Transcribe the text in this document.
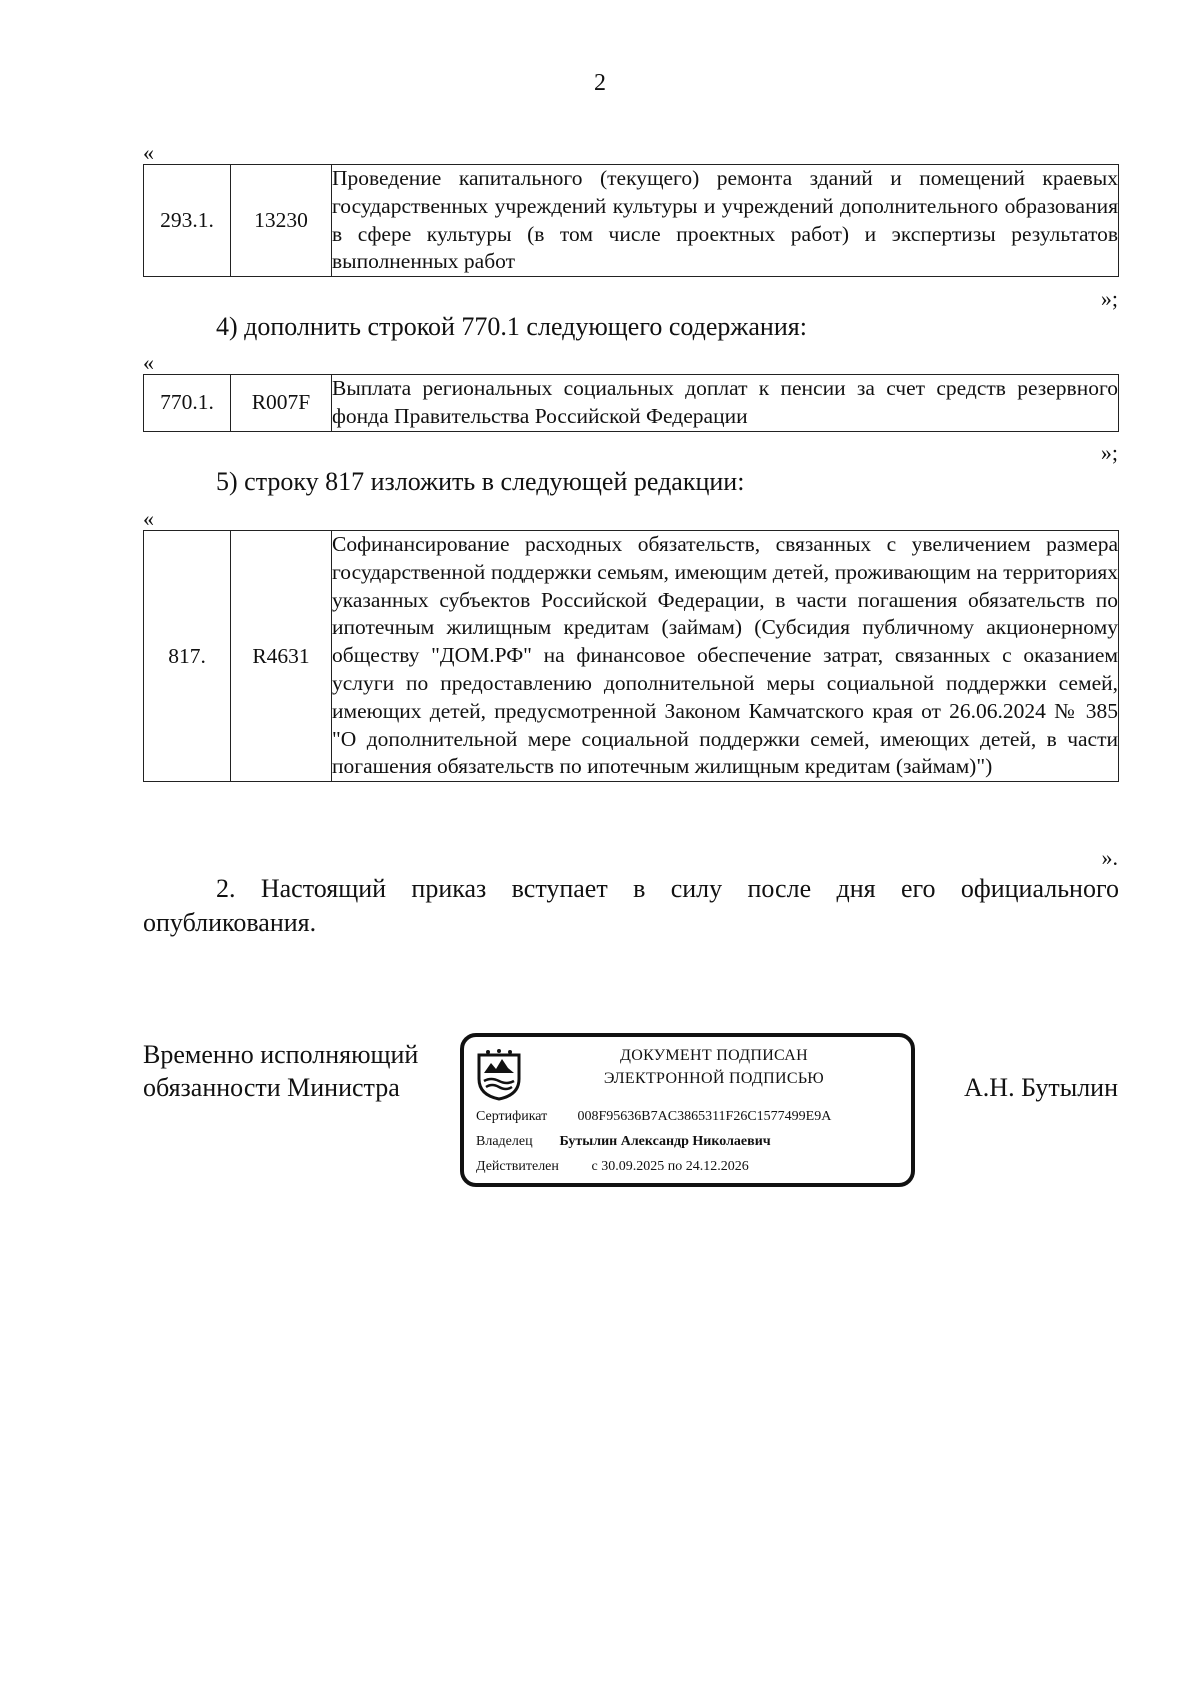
2
«
293.1.	13230	Проведение капитального (текущего) ремонта зданий и помещений краевых государственных учреждений культуры и учреждений дополнительного образования в сфере культуры (в том числе проектных работ) и экспертизы результатов выполненных работ
»;
4) дополнить строкой 770.1 следующего содержания:
«
770.1.	R007F	Выплата региональных социальных доплат к пенсии за счет средств резервного фонда Правительства Российской Федерации
»;
5) строку 817 изложить в следующей редакции:
«
817.	R4631	Софинансирование расходных обязательств, связанных с увеличением размера государственной поддержки семьям, имеющим детей, проживающим на территориях указанных субъектов Российской Федерации, в части погашения обязательств по ипотечным жилищным кредитам (займам) (Субсидия публичному акционерному обществу "ДОМ.РФ" на финансовое обеспечение затрат, связанных с оказанием услуги по предоставлению дополнительной меры социальной поддержки семей, имеющих детей, предусмотренной Законом Камчатского края от 26.06.2024 № 385 "О дополнительной мере социальной поддержки семей, имеющих детей, в части погашения обязательств по ипотечным жилищным кредитам (займам)")
».
2. Настоящий приказ вступает в силу после дня его официального опубликования.
Временно исполняющий
обязанности Министра
ДОКУМЕНТ ПОДПИСАН
ЭЛЕКТРОННОЙ ПОДПИСЬЮ
Сертификат 008F95636B7AC3865311F26C1577499E9A
Владелец Бутылин Александр Николаевич
Действителен с 30.09.2025 по 24.12.2026
А.Н. Бутылин
